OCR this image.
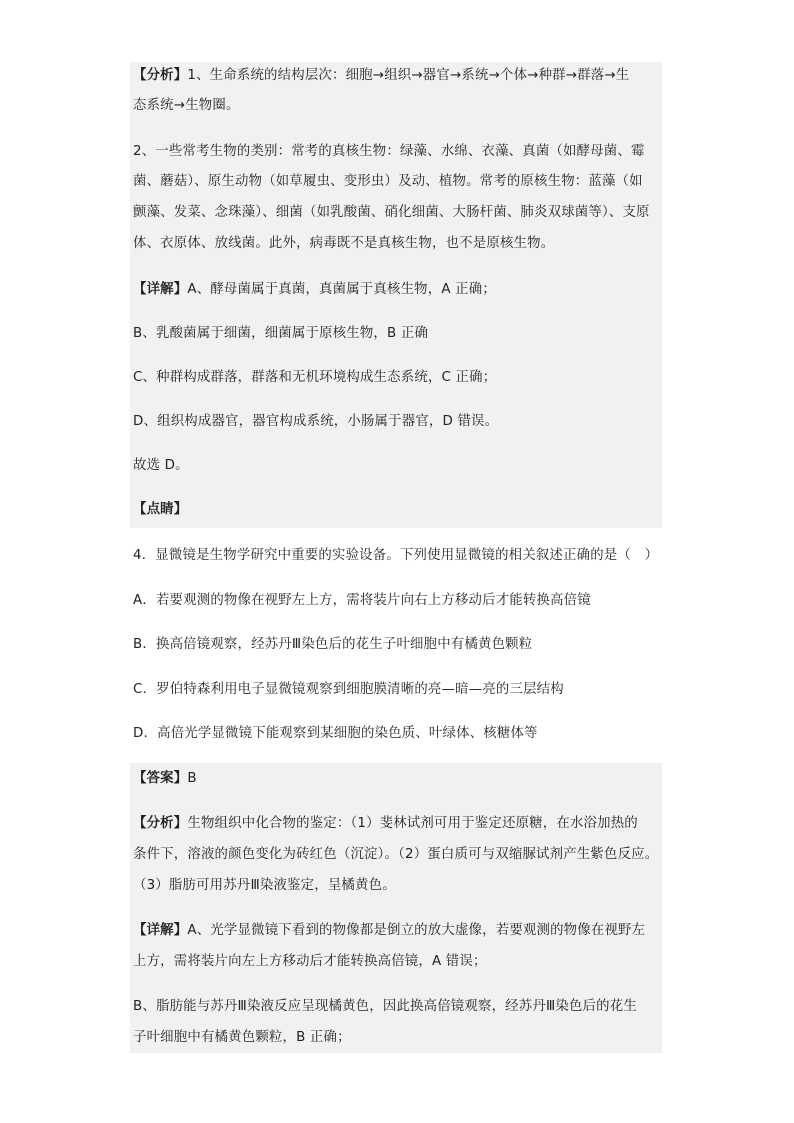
【分析】1、生命系统的结构层次：细胞→组织→器官→系统→个体→种群→群落→生
态系统→生物圈。
2、一些常考生物的类别：常考的真核生物：绿藻、水绵、衣藻、真菌（如酵母菌、霉
菌、蘑菇）、原生动物（如草履虫、变形虫）及动、植物。常考的原核生物：蓝藻（如
颤藻、发菜、念珠藻）、细菌（如乳酸菌、硝化细菌、大肠杆菌、肺炎双球菌等）、支原
体、衣原体、放线菌。此外，病毒既不是真核生物，也不是原核生物。
【详解】A、酵母菌属于真菌，真菌属于真核生物，A 正确；
B、乳酸菌属于细菌，细菌属于原核生物，B 正确
C、种群构成群落，群落和无机环境构成生态系统，C 正确；
D、组织构成器官，器官构成系统，小肠属于器官，D 错误。
故选 D。
【点睛】
4．显微镜是生物学研究中重要的实验设备。下列使用显微镜的相关叙述正确的是（　）
A．若要观测的物像在视野左上方，需将装片向右上方移动后才能转换高倍镜
B．换高倍镜观察，经苏丹Ⅲ染色后的花生子叶细胞中有橘黄色颗粒
C．罗伯特森利用电子显微镜观察到细胞膜清晰的亮—暗—亮的三层结构
D．高倍光学显微镜下能观察到某细胞的染色质、叶绿体、核糖体等
【答案】B
【分析】生物组织中化合物的鉴定：（1）斐林试剂可用于鉴定还原糖，在水浴加热的
条件下，溶液的颜色变化为砖红色（沉淀）。（2）蛋白质可与双缩脲试剂产生紫色反应。
（3）脂肪可用苏丹Ⅲ染液鉴定，呈橘黄色。
【详解】A、光学显微镜下看到的物像都是倒立的放大虚像，若要观测的物像在视野左
上方，需将装片向左上方移动后才能转换高倍镜，A 错误；
B、脂肪能与苏丹Ⅲ染液反应呈现橘黄色，因此换高倍镜观察，经苏丹Ⅲ染色后的花生
子叶细胞中有橘黄色颗粒，B 正确；
